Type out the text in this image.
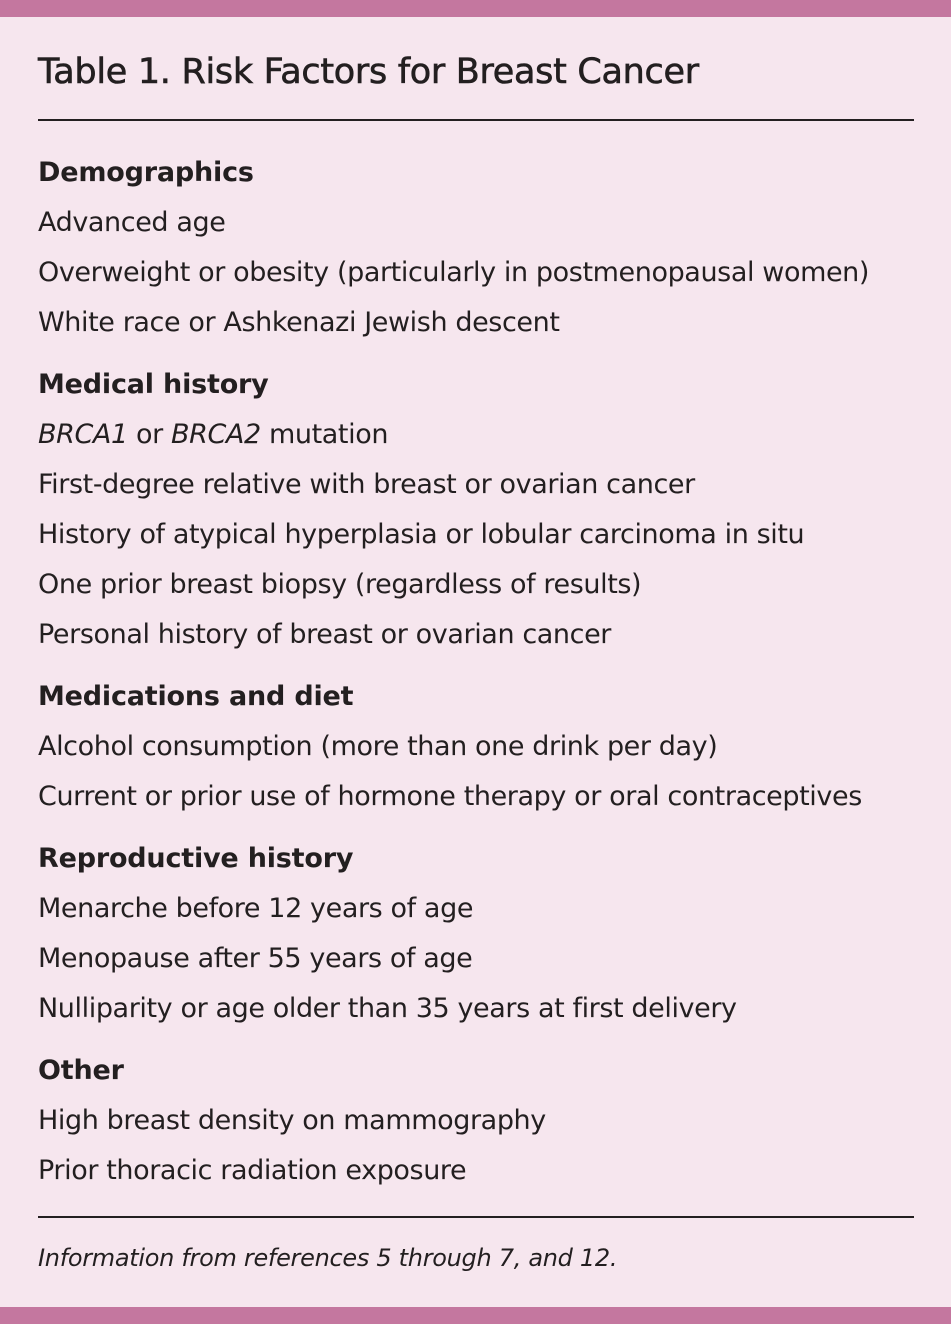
Table 1. Risk Factors for Breast Cancer
Demographics
Advanced age
Overweight or obesity (particularly in postmenopausal women)
White race or Ashkenazi Jewish descent
Medical history
BRCA1 or BRCA2 mutation
First-degree relative with breast or ovarian cancer
History of atypical hyperplasia or lobular carcinoma in situ
One prior breast biopsy (regardless of results)
Personal history of breast or ovarian cancer
Medications and diet
Alcohol consumption (more than one drink per day)
Current or prior use of hormone therapy or oral contraceptives
Reproductive history
Menarche before 12 years of age
Menopause after 55 years of age
Nulliparity or age older than 35 years at first delivery
Other
High breast density on mammography
Prior thoracic radiation exposure
Information from references 5 through 7, and 12.
